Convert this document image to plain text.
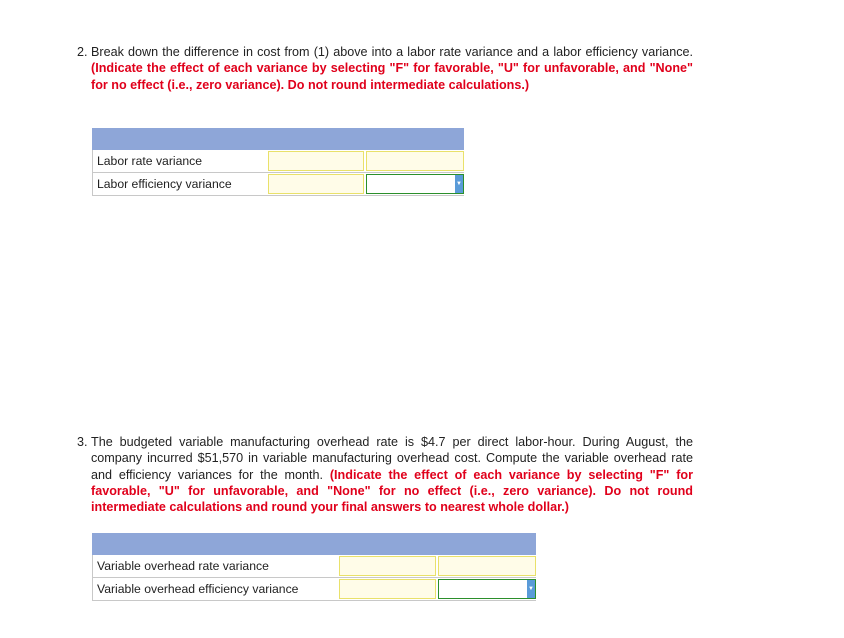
2. Break down the difference in cost from (1) above into a labor rate variance and a labor efficiency variance. (Indicate the effect of each variance by selecting "F" for favorable, "U" for unfavorable, and "None" for no effect (i.e., zero variance). Do not round intermediate calculations.)
Labor rate variance
Labor efficiency variance	▼
3. The budgeted variable manufacturing overhead rate is $4.7 per direct labor-hour. During August, the company incurred $51,570 in variable manufacturing overhead cost. Compute the variable overhead rate and efficiency variances for the month. (Indicate the effect of each variance by selecting "F" for favorable, "U" for unfavorable, and "None" for no effect (i.e., zero variance). Do not round intermediate calculations and round your final answers to nearest whole dollar.)
Variable overhead rate variance
Variable overhead efficiency variance	▼
